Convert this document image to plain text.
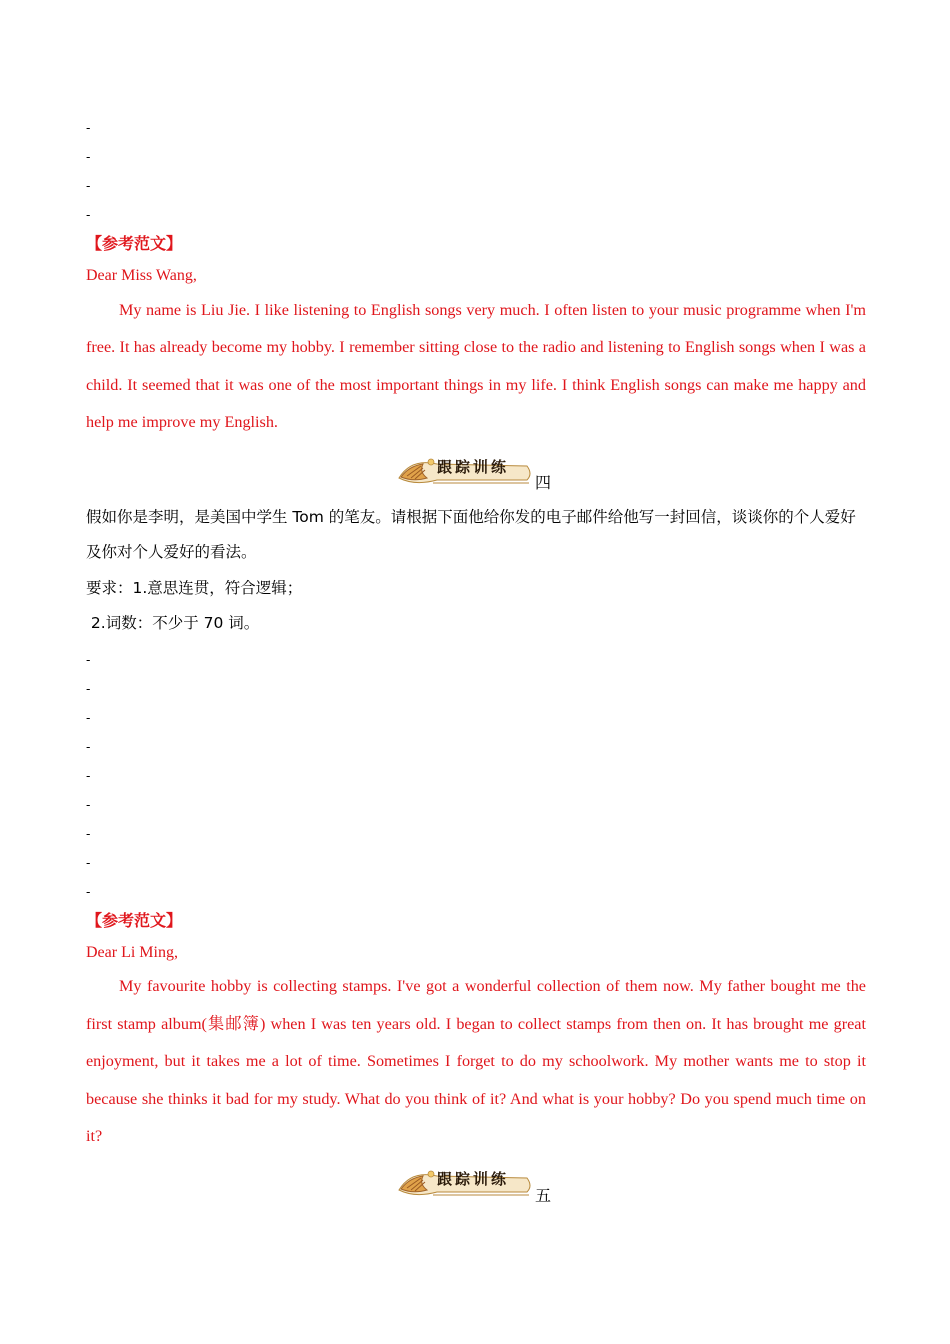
-
-
-
-
【参考范文】
Dear Miss Wang,
My name is Liu Jie. I like listening to English songs very much. I often listen to your music programme when I'm free. It has already become my hobby. I remember sitting close to the radio and listening to English songs when I was a child. It seemed that it was one of the most important things in my life. I think English songs can make me happy and help me improve my English.
跟踪训练
四
假如你是李明，是美国中学生 Tom 的笔友。请根据下面他给你发的电子邮件给他写一封回信，谈谈你的个人爱好及你对个人爱好的看法。
要求：1.意思连贯，符合逻辑；
2.词数：不少于 70 词。
-
-
-
-
-
-
-
-
-
【参考范文】
Dear Li Ming,
My favourite hobby is collecting stamps. I've got a wonderful collection of them now. My father bought me the first stamp album(集邮簿) when I was ten years old. I began to collect stamps from then on. It has brought me great enjoyment, but it takes me a lot of time. Sometimes I forget to do my schoolwork. My mother wants me to stop it because she thinks it bad for my study. What do you think of it? And what is your hobby? Do you spend much time on it?
跟踪训练
五
